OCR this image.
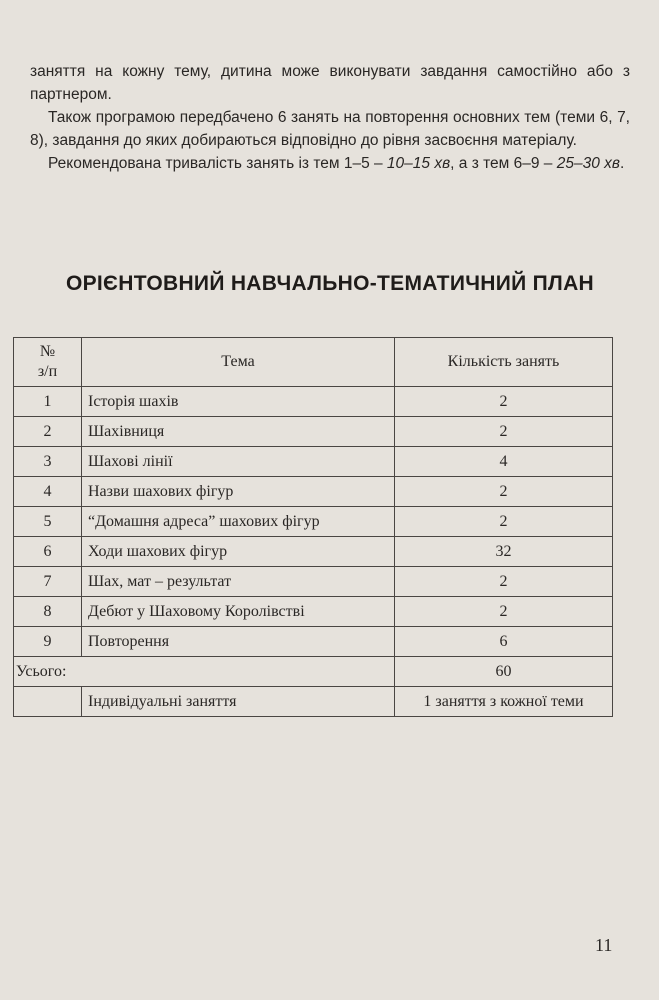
заняття на кожну тему, дитина може виконувати завдання самостійно або з партнером.

Також програмою передбачено 6 занять на повторення основних тем (теми 6, 7, 8), завдання до яких добираються відповідно до рівня засвоєння матеріалу.

Рекомендована тривалість занять із тем 1–5 – 10–15 хв, а з тем 6–9 – 25–30 хв.

ОРІЄНТОВНИЙ НАВЧАЛЬНО-ТЕМАТИЧНИЙ ПЛАН
№
з/п	Тема	Кількість занять
1	Історія шахів	2
2	Шахівниця	2
3	Шахові лінії	4
4	Назви шахових фігур	2
5	“Домашня адреса” шахових фігур	2
6	Ходи шахових фігур	32
7	Шах, мат – результат	2
8	Дебют у Шаховому Королівстві	2
9	Повторення	6
Усього:		60
	Індивідуальні заняття	1 заняття з кожної теми
11
